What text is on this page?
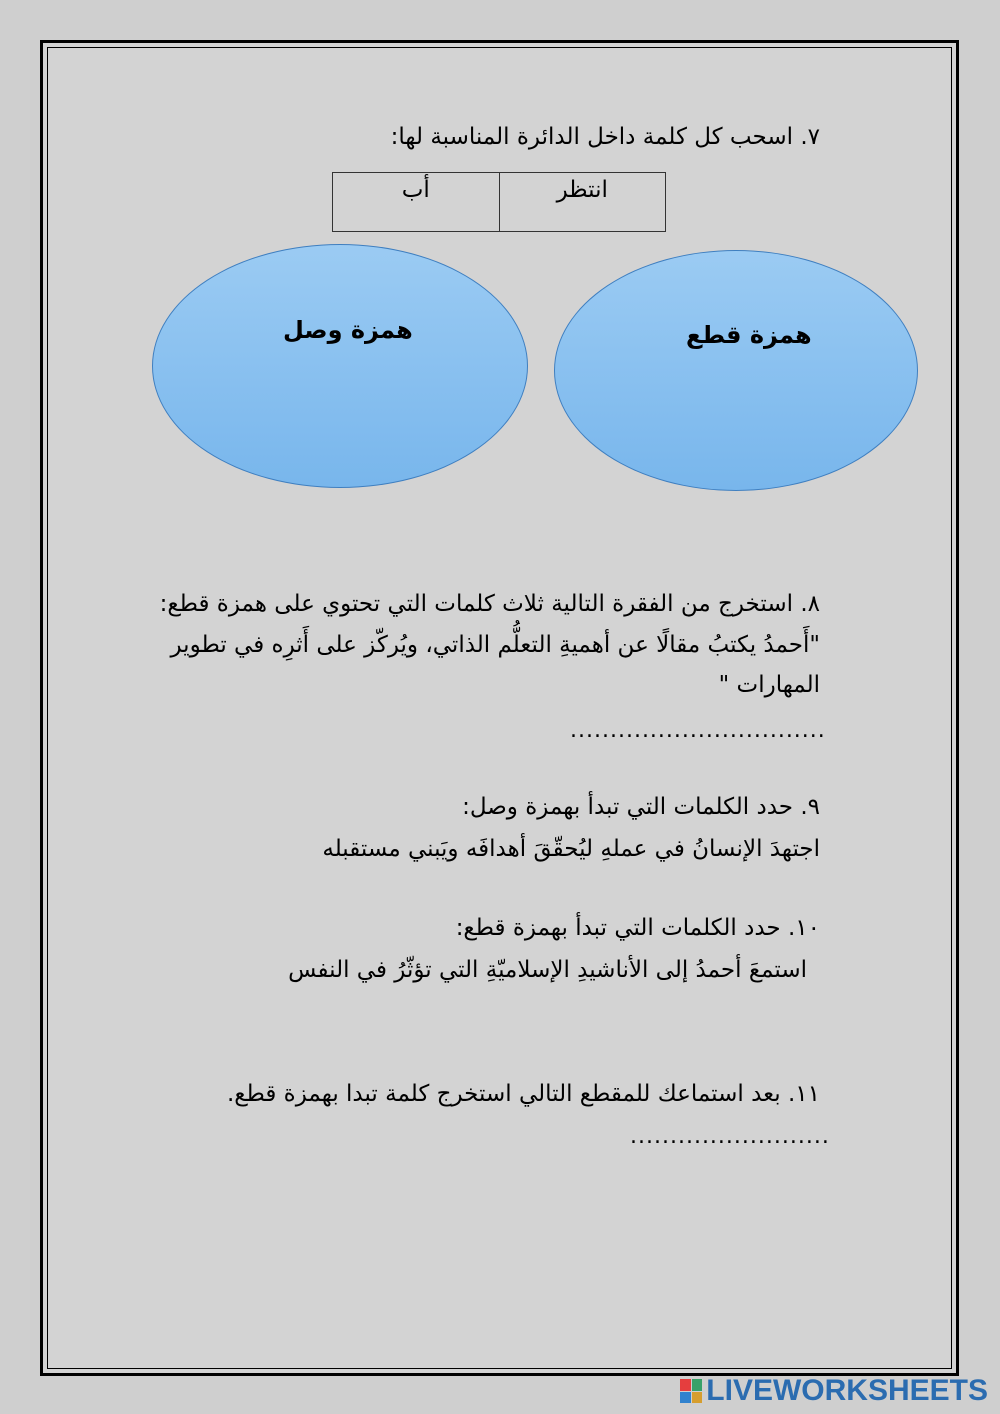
٧. اسحب كل كلمة داخل الدائرة المناسبة لها:
انتظر
أب
همزة وصل	همزة قطع
٨. استخرج من الفقرة التالية ثلاث كلمات التي تحتوي على همزة قطع:
"أَحمدُ يكتبُ مقالًا عن أهميةِ التعلُّم الذاتي، ويُركّز على أَثرِه في تطوير
المهارات "
................................
٩. حدد الكلمات التي تبدأ بهمزة وصل:
اجتهدَ الإنسانُ في عملهِ ليُحقّقَ أهدافَه ويَبني مستقبله
١٠. حدد الكلمات التي تبدأ بهمزة قطع:
استمعَ أحمدُ إلى الأناشيدِ الإسلاميّةِ التي تؤثّرُ في النفس
١١. بعد استماعك للمقطع التالي استخرج كلمة تبدا بهمزة قطع.
.........................
LIVEWORKSHEETS
